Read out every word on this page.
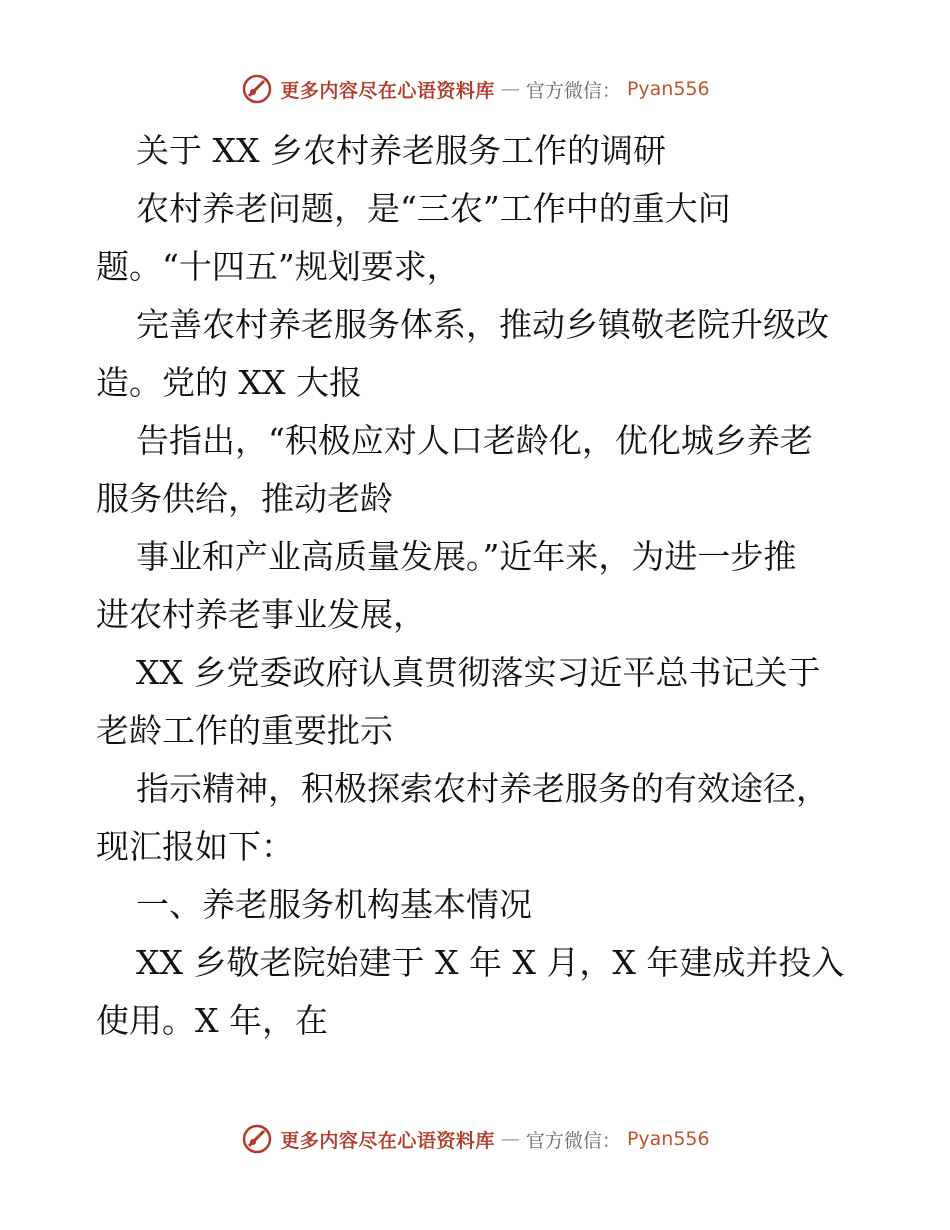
更多内容尽在心语资料库 — 官方微信： Pyan556
关于 XX 乡农村养老服务工作的调研
农村养老问题，是“三农”工作中的重大问
题。“十四五”规划要求，
完善农村养老服务体系，推动乡镇敬老院升级改
造。党的 XX 大报
告指出，“积极应对人口老龄化，优化城乡养老
服务供给，推动老龄
事业和产业高质量发展。”近年来，为进一步推
进农村养老事业发展，
XX 乡党委政府认真贯彻落实习近平总书记关于
老龄工作的重要批示
指示精神，积极探索农村养老服务的有效途径，
现汇报如下：
一、养老服务机构基本情况
XX 乡敬老院始建于 X 年 X 月，X 年建成并投入
使用。X 年，在
更多内容尽在心语资料库 — 官方微信： Pyan556
